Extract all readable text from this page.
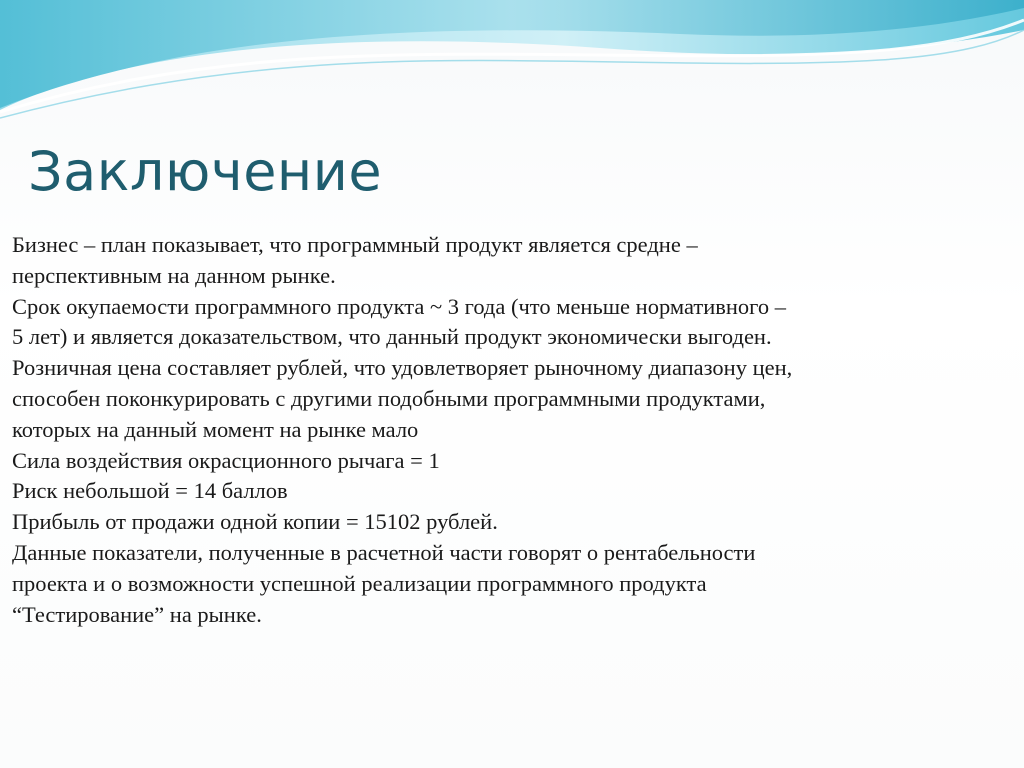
Заключение
Бизнес – план показывает, что программный продукт является средне –
перспективным на данном рынке.
Срок окупаемости программного продукта ~ 3 года (что меньше нормативного –
5 лет) и является доказательством, что данный продукт экономически выгоден.
Розничная цена составляет рублей, что удовлетворяет рыночному диапазону цен,
способен поконкурировать с другими подобными программными продуктами,
которых на данный момент на рынке мало
Сила воздействия окрасционного рычага = 1
Риск небольшой = 14 баллов
Прибыль от продажи одной копии = 15102 рублей.
Данные показатели, полученные в расчетной части говорят о рентабельности
проекта и о возможности успешной реализации программного продукта
“Тестирование” на рынке.
